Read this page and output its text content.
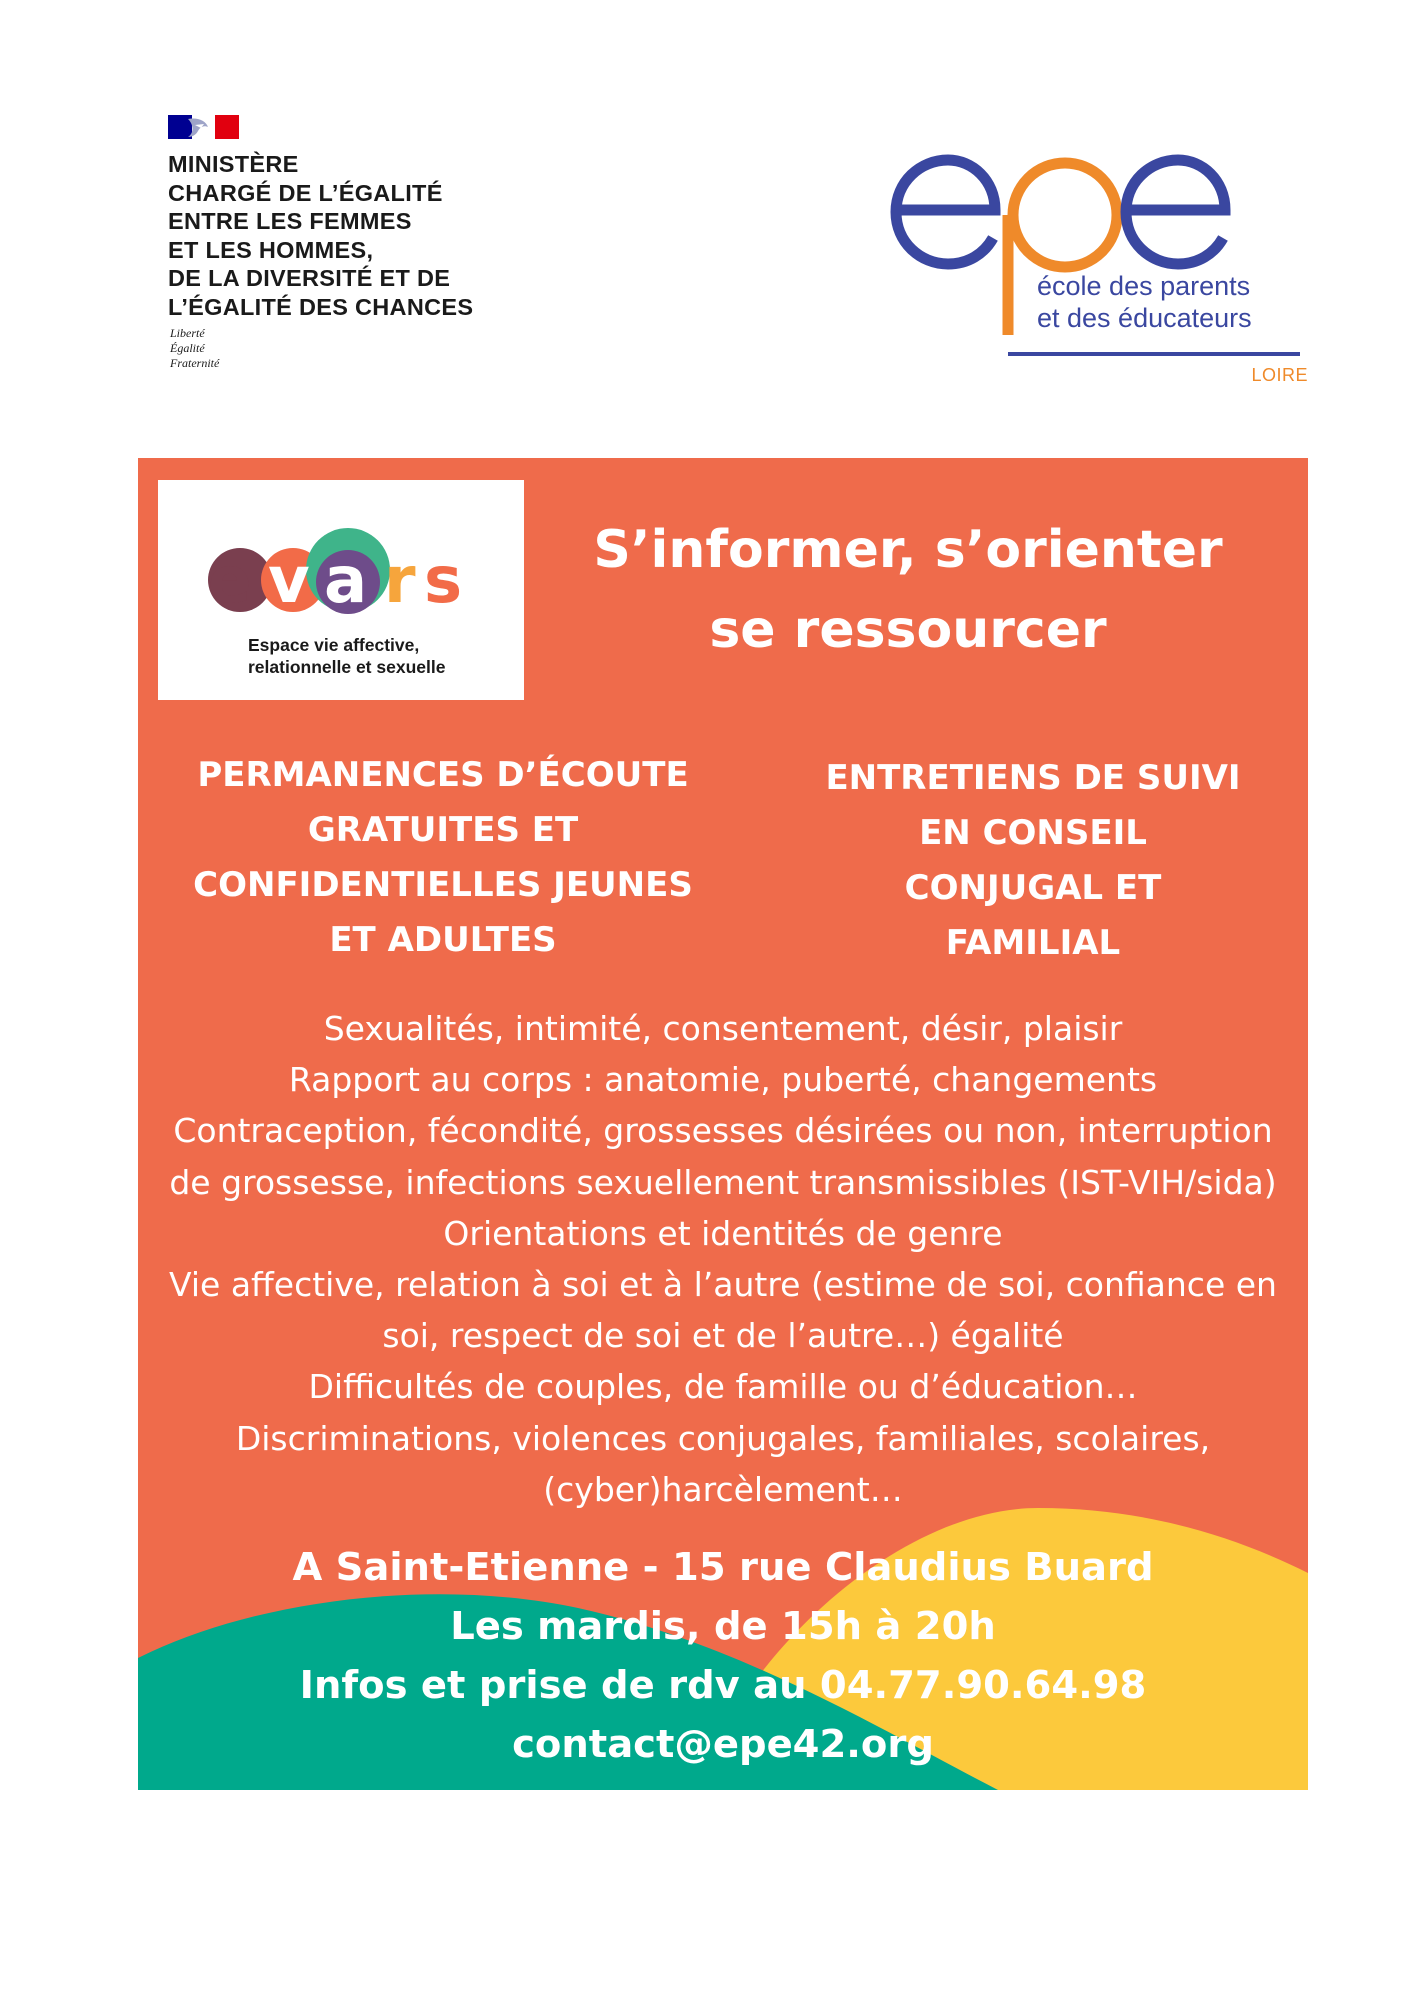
MINISTÈRE
CHARGÉ DE L’ÉGALITÉ
ENTRE LES FEMMES
ET LES HOMMES,
DE LA DIVERSITÉ ET DE
L’ÉGALITÉ DES CHANCES
Liberté
Égalité
Fraternité
école des parents
et des éducateurs
LOIRE
e v a r s
Espace vie affective,
relationnelle et sexuelle
S’informer, s’orienter
se ressourcer
PERMANENCES D’ÉCOUTE
GRATUITES ET
CONFIDENTIELLES JEUNES
ET ADULTES
ENTRETIENS DE SUIVI
EN CONSEIL
CONJUGAL ET
FAMILIAL
Sexualités, intimité, consentement, désir, plaisir
Rapport au corps : anatomie, puberté, changements
Contraception, fécondité, grossesses désirées ou non, interruption
de grossesse, infections sexuellement transmissibles (IST-VIH/sida)
Orientations et identités de genre
Vie affective, relation à soi et à l’autre (estime de soi, confiance en
soi, respect de soi et de l’autre…) égalité
Difficultés de couples, de famille ou d’éducation…
Discriminations, violences conjugales, familiales, scolaires,
(cyber)harcèlement…
A Saint-Etienne - 15 rue Claudius Buard
Les mardis, de 15h à 20h
Infos et prise de rdv au 04.77.90.64.98
contact@epe42.org
